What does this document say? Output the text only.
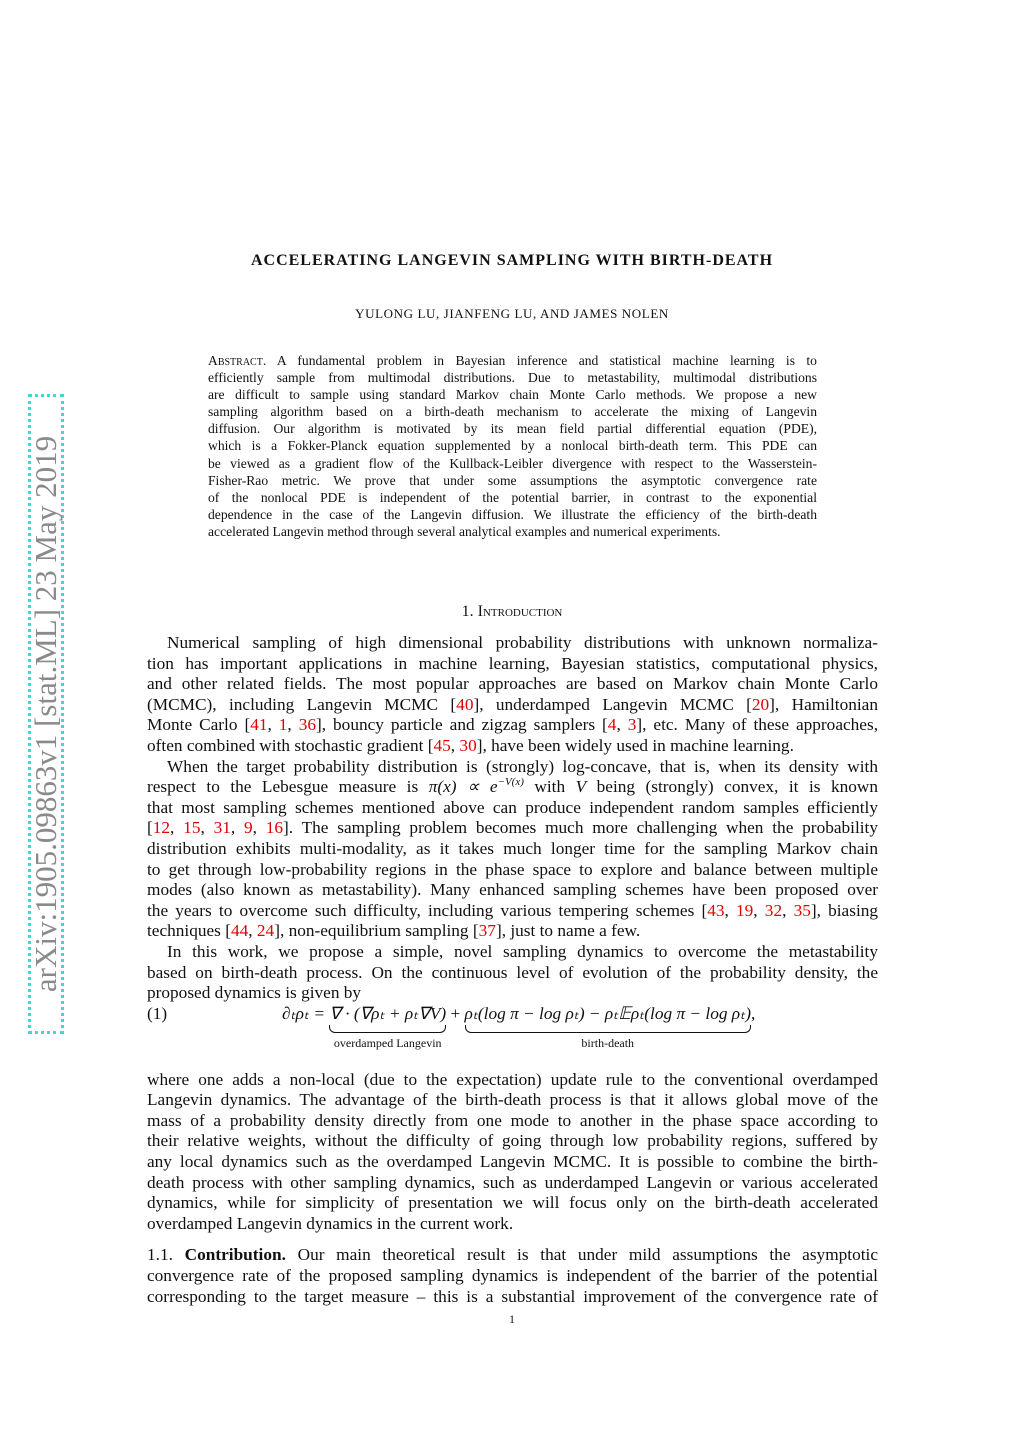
arXiv:1905.09863v1 [stat.ML] 23 May 2019
ACCELERATING LANGEVIN SAMPLING WITH BIRTH-DEATH
YULONG LU, JIANFENG LU, AND JAMES NOLEN
Abstract. A fundamental problem in Bayesian inference and statistical machine learning is to
efficiently sample from multimodal distributions. Due to metastability, multimodal distributions
are difficult to sample using standard Markov chain Monte Carlo methods. We propose a new
sampling algorithm based on a birth-death mechanism to accelerate the mixing of Langevin
diffusion. Our algorithm is motivated by its mean field partial differential equation (PDE),
which is a Fokker-Planck equation supplemented by a nonlocal birth-death term. This PDE can
be viewed as a gradient flow of the Kullback-Leibler divergence with respect to the Wasserstein-
Fisher-Rao metric. We prove that under some assumptions the asymptotic convergence rate
of the nonlocal PDE is independent of the potential barrier, in contrast to the exponential
dependence in the case of the Langevin diffusion. We illustrate the efficiency of the birth-death
accelerated Langevin method through several analytical examples and numerical experiments.
1. Introduction
Numerical sampling of high dimensional probability distributions with unknown normaliza-
tion has important applications in machine learning, Bayesian statistics, computational physics,
and other related fields. The most popular approaches are based on Markov chain Monte Carlo
(MCMC), including Langevin MCMC [40], underdamped Langevin MCMC [20], Hamiltonian
Monte Carlo [41, 1, 36], bouncy particle and zigzag samplers [4, 3], etc. Many of these approaches,
often combined with stochastic gradient [45, 30], have been widely used in machine learning.
When the target probability distribution is (strongly) log-concave, that is, when its density with
respect to the Lebesgue measure is $\pi(x) \propto e^{-V(x)}$ with V being (strongly) convex, it is known
that most sampling schemes mentioned above can produce independent random samples efficiently
[12, 15, 31, 9, 16]. The sampling problem becomes much more challenging when the probability
distribution exhibits multi-modality, as it takes much longer time for the sampling Markov chain
to get through low-probability regions in the phase space to explore and balance between multiple
modes (also known as metastability). Many enhanced sampling schemes have been proposed over
the years to overcome such difficulty, including various tempering schemes [43, 19, 32, 35], biasing
techniques [44, 24], non-equilibrium sampling [37], just to name a few.
In this work, we propose a simple, novel sampling dynamics to overcome the metastability
based on birth-death process. On the continuous level of evolution of the probability density, the
proposed dynamics is given by
(1)	∂ₜρₜ = ∇ · (∇ρₜ + ρₜ∇V)
overdamped Langevin
+ ρₜ(log π − log ρₜ) − ρₜ𝔼ρₜ(log π − log ρₜ)
birth-death
,
where one adds a non-local (due to the expectation) update rule to the conventional overdamped
Langevin dynamics. The advantage of the birth-death process is that it allows global move of the
mass of a probability density directly from one mode to another in the phase space according to
their relative weights, without the difficulty of going through low probability regions, suffered by
any local dynamics such as the overdamped Langevin MCMC. It is possible to combine the birth-
death process with other sampling dynamics, such as underdamped Langevin or various accelerated
dynamics, while for simplicity of presentation we will focus only on the birth-death accelerated
overdamped Langevin dynamics in the current work.
1.1. Contribution. Our main theoretical result is that under mild assumptions the asymptotic
convergence rate of the proposed sampling dynamics is independent of the barrier of the potential
corresponding to the target measure – this is a substantial improvement of the convergence rate of
1
